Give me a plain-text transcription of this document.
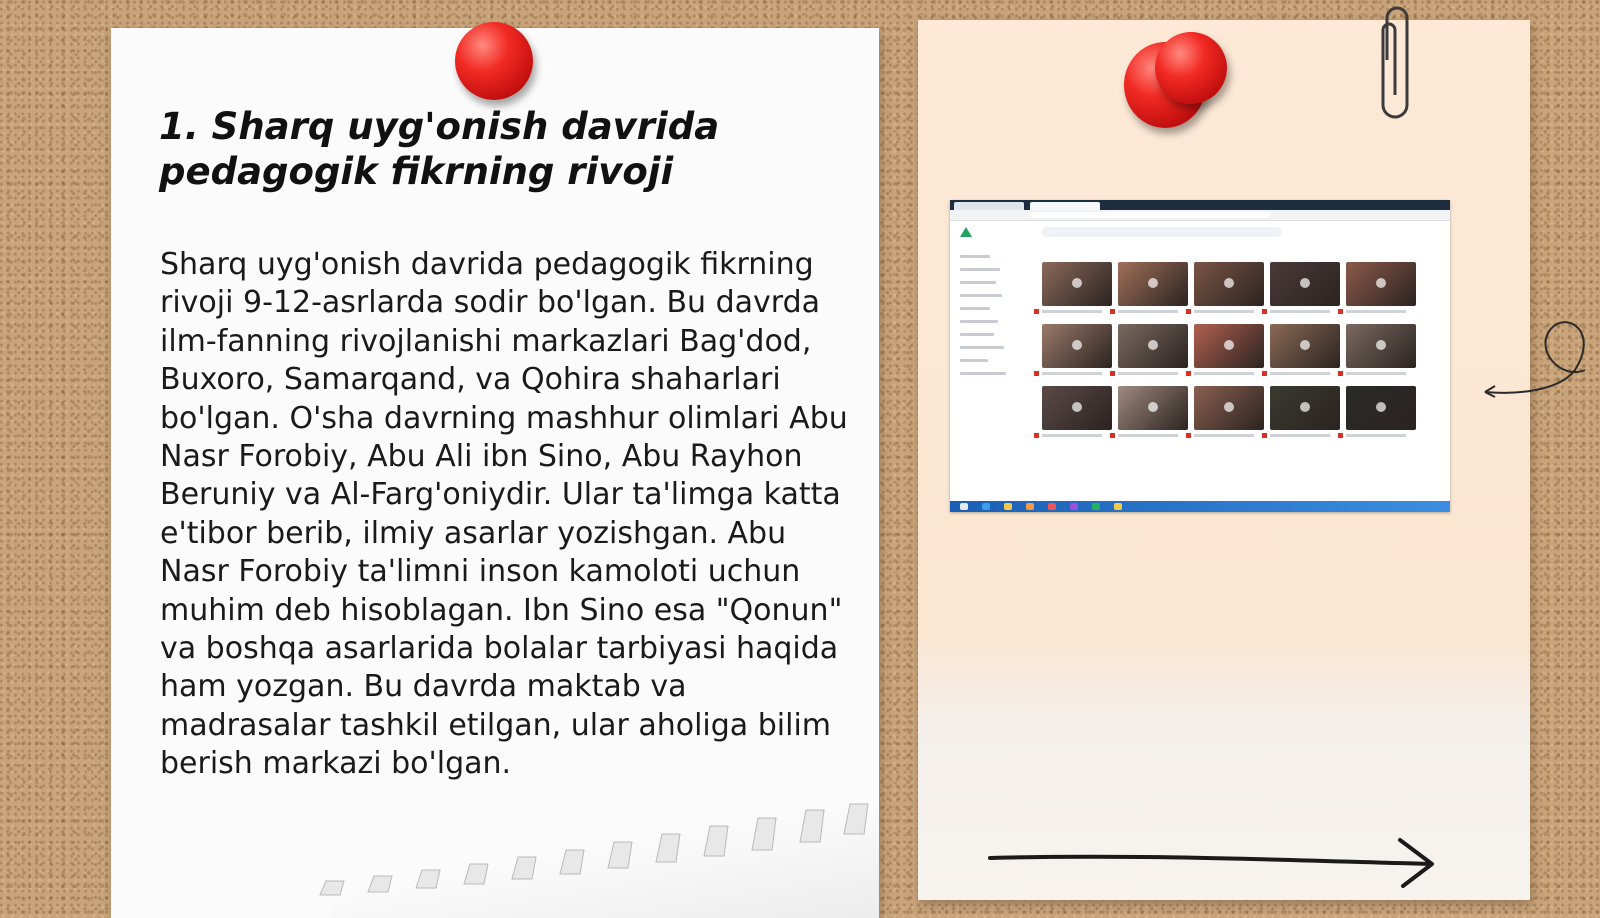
1. Sharq uyg'onish davrida pedagogik fikrning rivoji

Sharq uyg'onish davrida pedagogik fikrning rivoji 9-12-asrlarda sodir bo'lgan. Bu davrda ilm-fanning rivojlanishi markazlari Bag'dod, Buxoro, Samarqand, va Qohira shaharlari bo'lgan. O'sha davrning mashhur olimlari Abu Nasr Forobiy, Abu Ali ibn Sino, Abu Rayhon Beruniy va Al-Farg'oniydir. Ular ta'limga katta e'tibor berib, ilmiy asarlar yozishgan. Abu Nasr Forobiy ta'limni inson kamoloti uchun muhim deb hisoblagan. Ibn Sino esa "Qonun" va boshqa asarlarida bolalar tarbiyasi haqida ham yozgan. Bu davrda maktab va madrasalar tashkil etilgan, ular aholiga bilim berish markazi bo'lgan.
